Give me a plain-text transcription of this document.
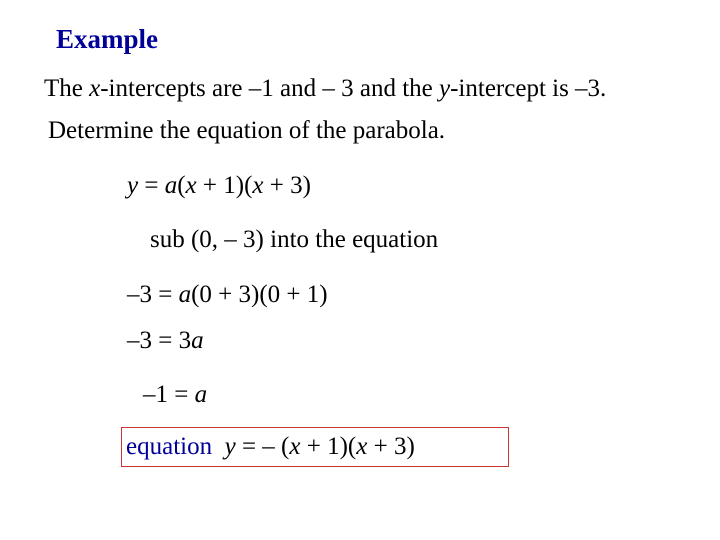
Example
The x-intercepts are –1 and – 3 and the y-intercept is –3.
Determine the equation of the parabola.
y = a(x + 1)(x + 3)
sub (0, – 3) into the equation
–3 = a(0 + 3)(0 + 1)
–3 = 3a
–1 = a
equation y = – (x + 1)(x + 3)
